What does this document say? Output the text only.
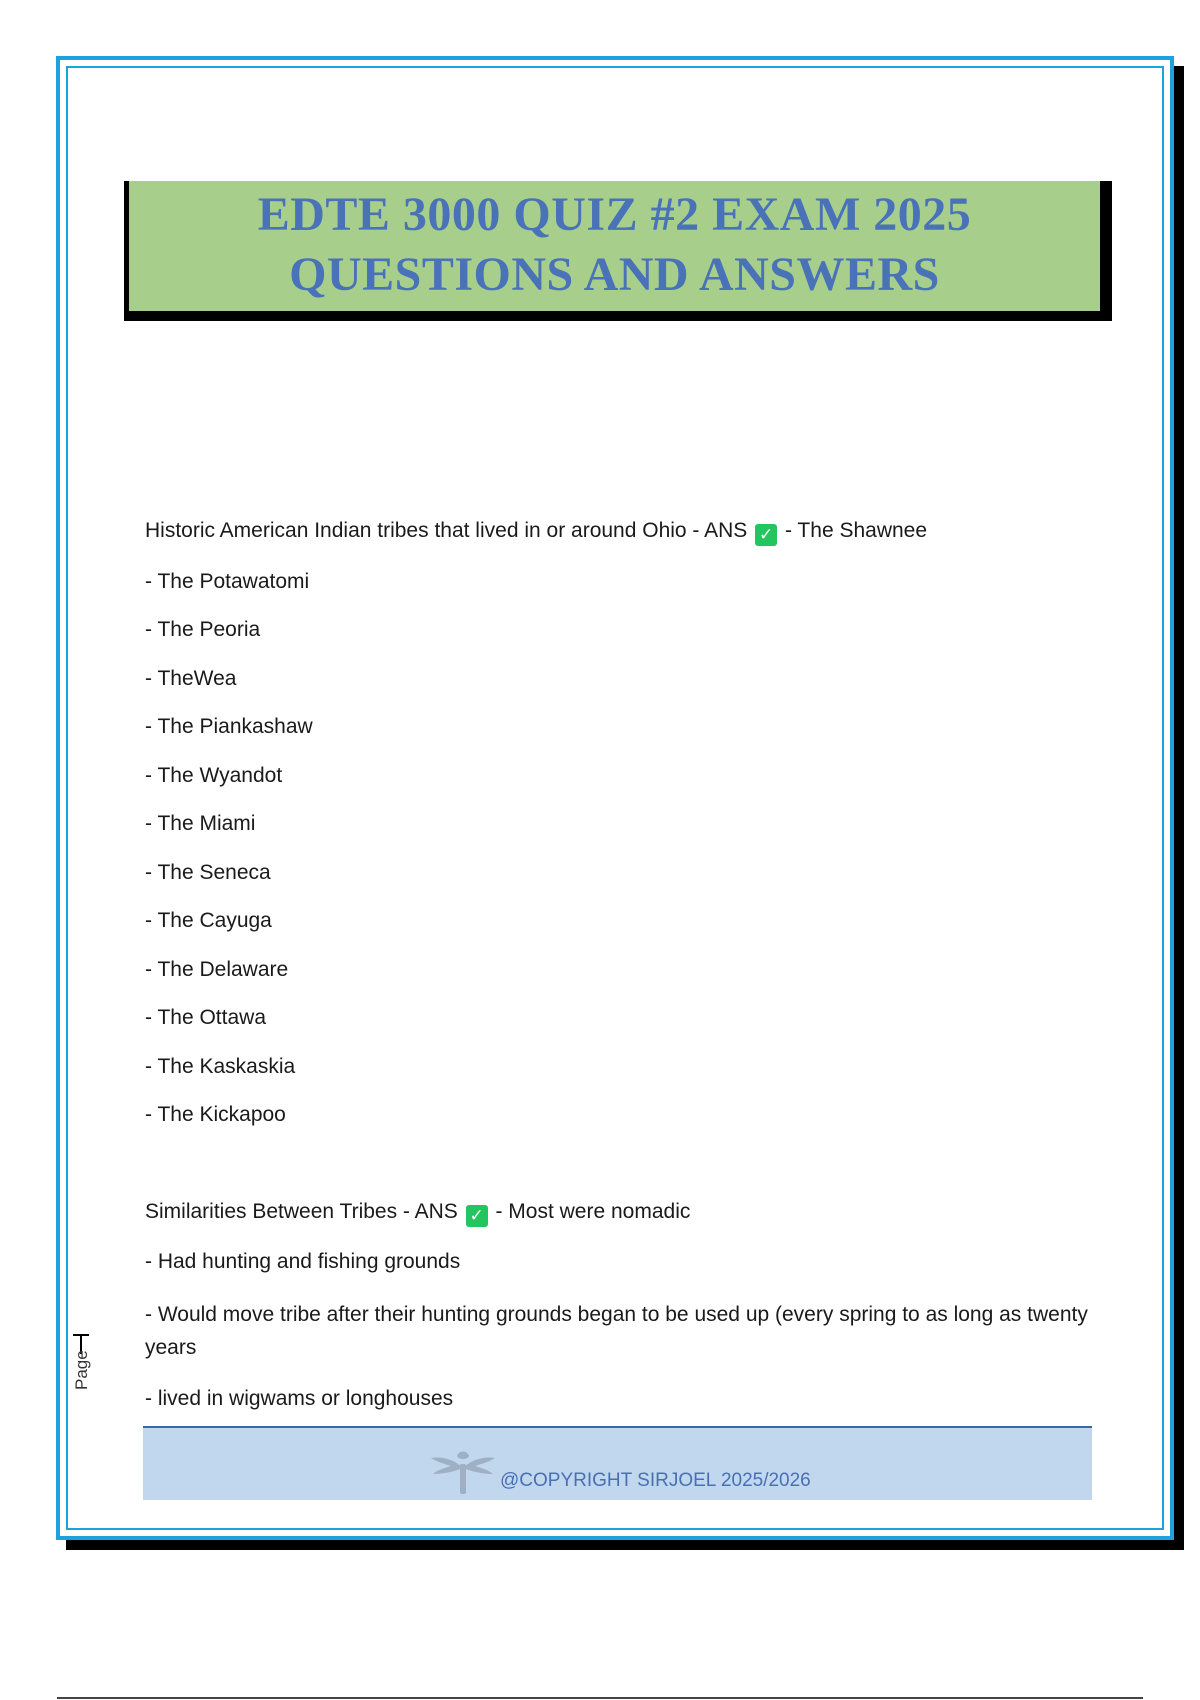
EDTE 3000 QUIZ #2 EXAM 2025
QUESTIONS AND ANSWERS
Historic American Indian tribes that lived in or around Ohio - ANS ✓ - The Shawnee
- The Potawatomi
- The Peoria
- TheWea
- The Piankashaw
- The Wyandot
- The Miami
- The Seneca
- The Cayuga
- The Delaware
- The Ottawa
- The Kaskaskia
- The Kickapoo
Similarities Between Tribes - ANS ✓ - Most were nomadic
- Had hunting and fishing grounds
- Would move tribe after their hunting grounds began to be used up (every spring to as long as twenty years
- lived in wigwams or longhouses
@COPYRIGHT SIRJOEL 2025/2026
Page
